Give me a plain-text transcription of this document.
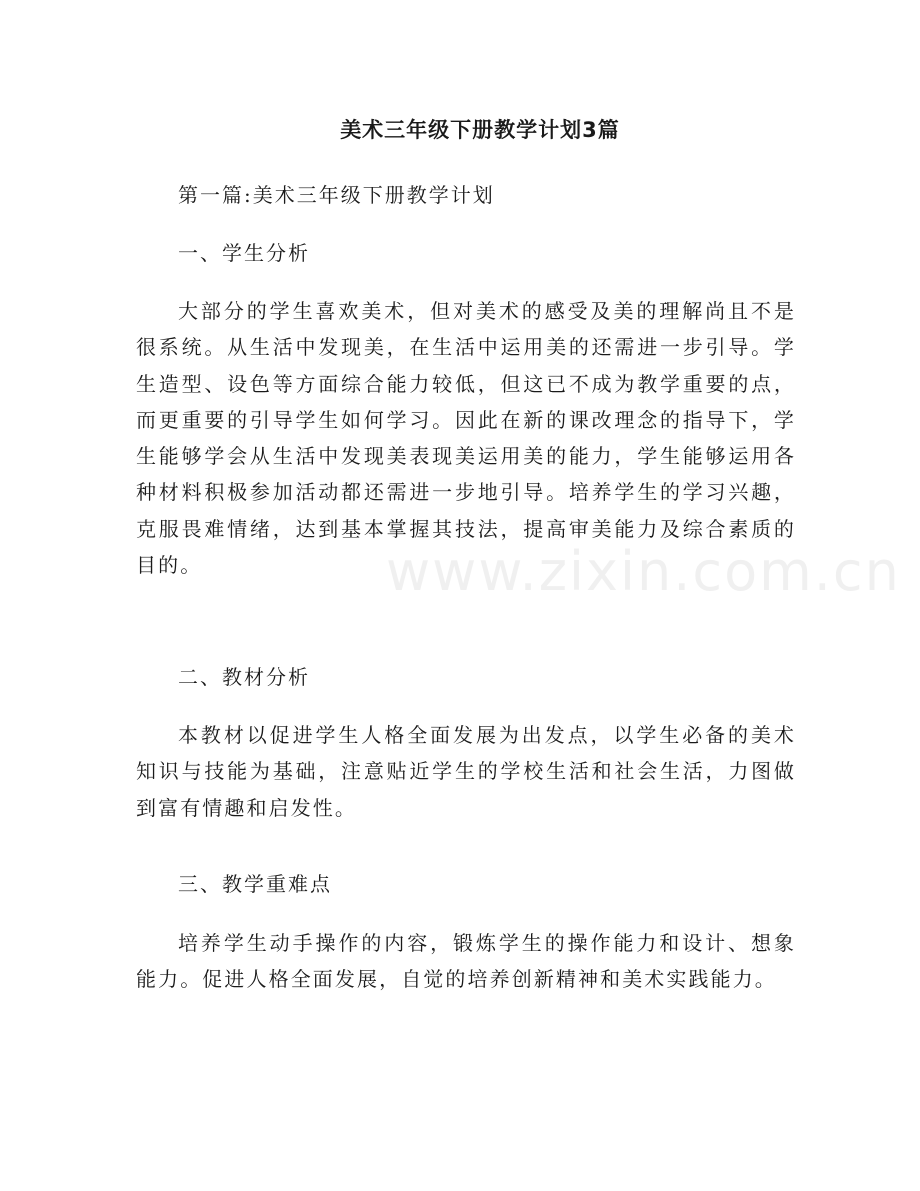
美术三年级下册教学计划3篇
第一篇:美术三年级下册教学计划
一、学生分析

大部分的学生喜欢美术，但对美术的感受及美的理解尚且不是很系统。从生活中发现美，在生活中运用美的还需进一步引导。学生造型、设色等方面综合能力较低，但这已不成为教学重要的点，而更重要的引导学生如何学习。因此在新的课改理念的指导下，学生能够学会从生活中发现美表现美运用美的能力，学生能够运用各种材料积极参加活动都还需进一步地引导。培养学生的学习兴趣，克服畏难情绪，达到基本掌握其技法，提高审美能力及综合素质的目的。

二、教材分析

本教材以促进学生人格全面发展为出发点，以学生必备的美术知识与技能为基础，注意贴近学生的学校生活和社会生活，力图做到富有情趣和启发性。

三、教学重难点

培养学生动手操作的内容，锻炼学生的操作能力和设计、想象能力。促进人格全面发展，自觉的培养创新精神和美术实践能力。

www.zixin.com.cn
